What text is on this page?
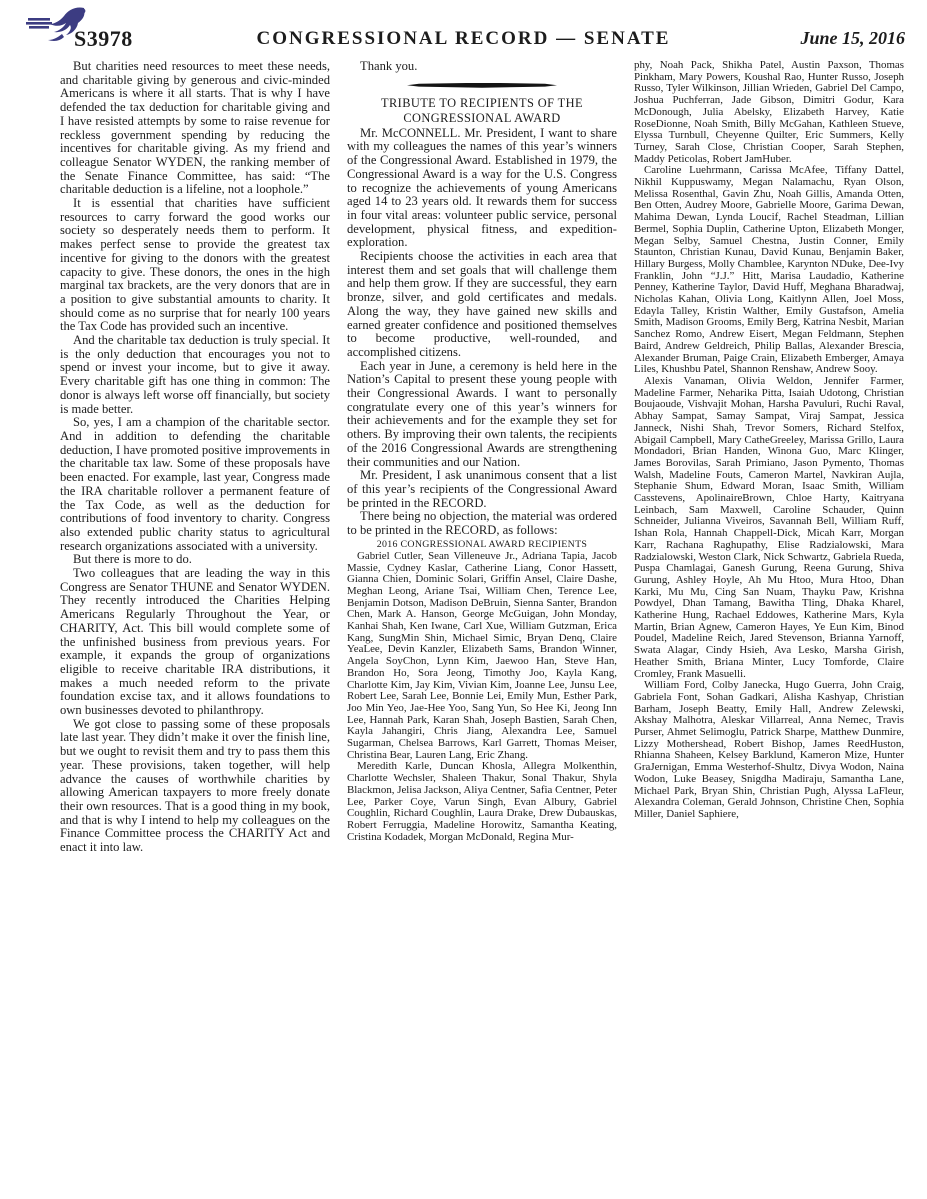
S3978	CONGRESSIONAL RECORD — SENATE	June 15, 2016

But charities need resources to meet these needs, and charitable giving by generous and civic-minded Americans is where it all starts. That is why I have defended the tax deduction for charitable giving and I have resisted attempts by some to raise revenue for reckless government spending by reducing the incentives for charitable giving. As my friend and colleague Senator WYDEN, the ranking member of the Senate Finance Committee, has said: “The charitable deduction is a lifeline, not a loophole.”

It is essential that charities have sufficient resources to carry forward the good works our society so desperately needs them to perform. It makes perfect sense to provide the greatest tax incentive for giving to the donors with the greatest capacity to give. These donors, the ones in the high marginal tax brackets, are the very donors that are in a position to give substantial amounts to charity. It should come as no surprise that for nearly 100 years the Tax Code has provided such an incentive.

And the charitable tax deduction is truly special. It is the only deduction that encourages you not to spend or invest your income, but to give it away. Every charitable gift has one thing in common: The donor is always left worse off financially, but society is made better.

So, yes, I am a champion of the charitable sector. And in addition to defending the charitable deduction, I have promoted positive improvements in the charitable tax law. Some of these proposals have been enacted. For example, last year, Congress made the IRA charitable rollover a permanent feature of the Tax Code, as well as the deduction for contributions of food inventory to charity. Congress also extended public charity status to agricultural research organizations associated with a university.

But there is more to do.

Two colleagues that are leading the way in this Congress are Senator THUNE and Senator WYDEN. They recently introduced the Charities Helping Americans Regularly Throughout the Year, or CHARITY, Act. This bill would complete some of the unfinished business from previous years. For example, it expands the group of organizations eligible to receive charitable IRA distributions, it makes a much needed reform to the private foundation excise tax, and it allows foundations to own businesses devoted to philanthropy.

We got close to passing some of these proposals late last year. They didn’t make it over the finish line, but we ought to revisit them and try to pass them this year. These provisions, taken together, will help advance the causes of worthwhile charities by allowing American taxpayers to more freely donate their own resources. That is a good thing in my book, and that is why I intend to help my colleagues on the Finance Committee process the CHARITY Act and enact it into law.

Thank you.

TRIBUTE TO RECIPIENTS OF THE CONGRESSIONAL AWARD

Mr. McCONNELL. Mr. President, I want to share with my colleagues the names of this year’s winners of the Congressional Award. Established in 1979, the Congressional Award is a way for the U.S. Congress to recognize the achievements of young Americans aged 14 to 23 years old. It rewards them for success in four vital areas: volunteer public service, personal development, physical fitness, and expedition-exploration.

Recipients choose the activities in each area that interest them and set goals that will challenge them and help them grow. If they are successful, they earn bronze, silver, and gold certificates and medals. Along the way, they have gained new skills and earned greater confidence and positioned themselves to become productive, well-rounded, and accomplished citizens.

Each year in June, a ceremony is held here in the Nation’s Capital to present these young people with their Congressional Awards. I want to personally congratulate every one of this year’s winners for their achievements and for the example they set for others. By improving their own talents, the recipients of the 2016 Congressional Awards are strengthening their communities and our Nation.

Mr. President, I ask unanimous consent that a list of this year’s recipients of the Congressional Award be printed in the RECORD.

There being no objection, the material was ordered to be printed in the RECORD, as follows:

2016 CONGRESSIONAL AWARD RECIPIENTS

Gabriel Cutler, Sean Villeneuve Jr., Adriana Tapia, Jacob Massie, Cydney Kaslar, Catherine Liang, Conor Hassett, Gianna Chien, Dominic Solari, Griffin Ansel, Claire Dashe, Meghan Leong, Ariane Tsai, William Chen, Terence Lee, Benjamin Dotson, Madison DeBruin, Sienna Santer, Brandon Chen, Mark A. Hanson, George McGuigan, John Monday, Kanhai Shah, Ken Iwane, Carl Xue, William Gutzman, Erica Kang, SungMin Shin, Michael Simic, Bryan Denq, Claire YeaLee, Devin Kanzler, Elizabeth Sams, Brandon Winner, Angela SoyChon, Lynn Kim, Jaewoo Han, Steve Han, Brandon Ho, Sora Jeong, Timothy Joo, Kayla Kang, Charlotte Kim, Jay Kim, Vivian Kim, Joanne Lee, Junsu Lee, Robert Lee, Sarah Lee, Bonnie Lei, Emily Mun, Esther Park, Joo Min Yeo, Jae-Hee Yoo, Sang Yun, So Hee Ki, Jeong Inn Lee, Hannah Park, Karan Shah, Joseph Bastien, Sarah Chen, Kayla Jahangiri, Chris Jiang, Alexandra Lee, Samuel Sugarman, Chelsea Barrows, Karl Garrett, Thomas Meiser, Christina Bear, Lauren Lang, Eric Zhang.

Meredith Karle, Duncan Khosla, Allegra Molkenthin, Charlotte Wechsler, Shaleen Thakur, Sonal Thakur, Shyla Blackmon, Jelisa Jackson, Aliya Centner, Safia Centner, Peter Lee, Parker Coye, Varun Singh, Evan Albury, Gabriel Coughlin, Richard Coughlin, Laura Drake, Drew Dubauskas, Robert Ferruggia, Madeline Horowitz, Samantha Keating, Cristina Kodadek, Morgan McDonald, Regina Mur-

phy, Noah Pack, Shikha Patel, Austin Paxson, Thomas Pinkham, Mary Powers, Koushal Rao, Hunter Russo, Joseph Russo, Tyler Wilkinson, Jillian Wrieden, Gabriel Del Campo, Joshua Puchferran, Jade Gibson, Dimitri Godur, Kara McDonough, Julia Abelsky, Elizabeth Harvey, Katie RoseDionne, Noah Smith, Billy McGahan, Kathleen Stueve, Elyssa Turnbull, Cheyenne Quilter, Eric Summers, Kelly Turney, Sarah Close, Christian Cooper, Sarah Stephen, Maddy Peticolas, Robert JamHuber.

Caroline Luehrmann, Carissa McAfee, Tiffany Dattel, Nikhil Kuppuswamy, Megan Nalamachu, Ryan Olson, Melissa Rosenthal, Gavin Zhu, Noah Gillis, Amanda Otten, Ben Otten, Audrey Moore, Gabrielle Moore, Garima Dewan, Mahima Dewan, Lynda Loucif, Rachel Steadman, Lillian Bermel, Sophia Duplin, Catherine Upton, Elizabeth Monger, Megan Selby, Samuel Chestna, Justin Conner, Emily Staunton, Christian Kunau, David Kunau, Benjamin Baker, Hillary Burgess, Molly Chamblee, Karynton NDuke, Dee-Ivy Franklin, John “J.J.” Hitt, Marisa Laudadio, Katherine Penney, Katherine Taylor, David Huff, Meghana Bharadwaj, Nicholas Kahan, Olivia Long, Kaitlynn Allen, Joel Moss, Edayla Talley, Kristin Walther, Emily Gustafson, Amelia Smith, Madison Grooms, Emily Berg, Katrina Nesbit, Marian Sanchez Romo, Andrew Eisert, Megan Feldmann, Stephen Baird, Andrew Geldreich, Philip Ballas, Alexander Brescia, Alexander Bruman, Paige Crain, Elizabeth Emberger, Amaya Liles, Khushbu Patel, Shannon Renshaw, Andrew Sooy.

Alexis Vanaman, Olivia Weldon, Jennifer Farmer, Madeline Farmer, Neharika Pitta, Isaiah Udotong, Christian Boujaoude, Vishvajit Mohan, Harsha Pavuluri, Ruchi Raval, Abhay Sampat, Samay Sampat, Viraj Sampat, Jessica Janneck, Nishi Shah, Trevor Somers, Richard Stelfox, Abigail Campbell, Mary CatheGreeley, Marissa Grillo, Laura Mondadori, Brian Handen, Winona Guo, Marc Klinger, James Borovilas, Sarah Primiano, Jason Pymento, Thomas Walsh, Madeline Fouts, Cameron Martel, Navkiran Aujla, Stephanie Shum, Edward Moran, Isaac Smith, William Casstevens, ApolinaireBrown, Chloe Harty, Kaitryana Leinbach, Sam Maxwell, Caroline Schauder, Quinn Schneider, Julianna Viveiros, Savannah Bell, William Ruff, Ishan Rola, Hannah Chappell-Dick, Micah Karr, Morgan Karr, Rachana Raghupathy, Elise Radzialowski, Mara Radzialowski, Weston Clark, Nick Schwartz, Gabriela Rueda, Puspa Chamlagai, Ganesh Gurung, Reena Gurung, Shiva Gurung, Ashley Hoyle, Ah Mu Htoo, Mura Htoo, Dhan Karki, Mu Mu, Cing San Nuam, Thayku Paw, Krishna Powdyel, Dhan Tamang, Bawitha Tling, Dhaka Kharel, Katherine Hung, Rachael Eddowes, Katherine Mars, Kyla Martin, Brian Agnew, Cameron Hayes, Ye Eun Kim, Binod Poudel, Madeline Reich, Jared Stevenson, Brianna Yarnoff, Swata Alagar, Cindy Hsieh, Ava Lesko, Marsha Girish, Heather Smith, Briana Minter, Lucy Tomforde, Claire Cromley, Frank Masuelli.

William Ford, Colby Janecka, Hugo Guerra, John Craig, Gabriela Font, Sohan Gadkari, Alisha Kashyap, Christian Barham, Joseph Beatty, Emily Hall, Andrew Zelewski, Akshay Malhotra, Aleskar Villarreal, Anna Nemec, Travis Purser, Ahmet Selimoglu, Patrick Sharpe, Matthew Dunmire, Lizzy Mothershead, Robert Bishop, James ReedHuston, Rhianna Shaheen, Kelsey Barklund, Kameron Mize, Hunter GraJernigan, Emma Westerhof-Shultz, Divya Wodon, Naina Wodon, Luke Beasey, Snigdha Madiraju, Samantha Lane, Michael Park, Bryan Shin, Christian Pugh, Alyssa LaFleur, Alexandra Coleman, Gerald Johnson, Christine Chen, Sophia Miller, Daniel Saphiere,
